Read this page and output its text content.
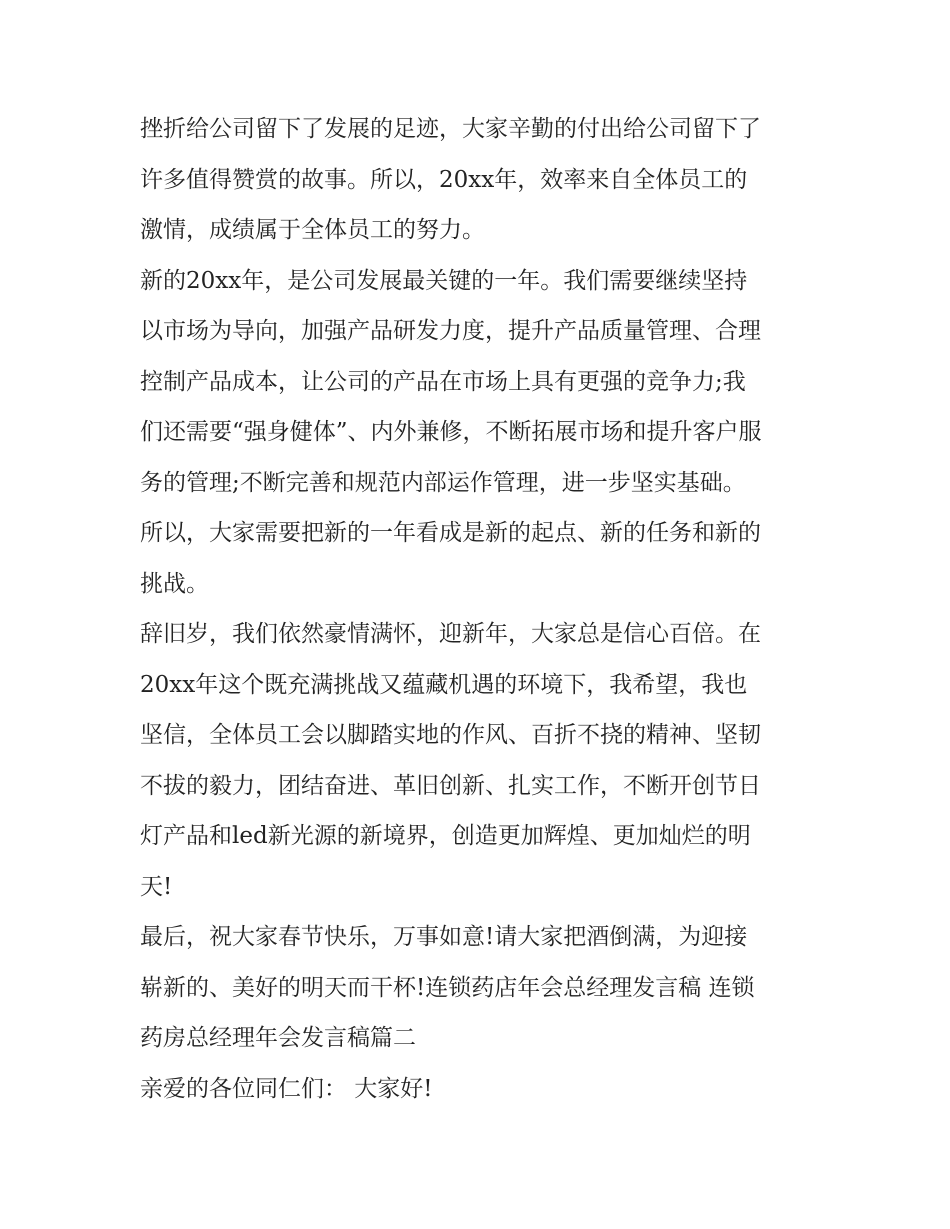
挫折给公司留下了发展的足迹，大家辛勤的付出给公司留下了
许多值得赞赏的故事。所以，20xx年，效率来自全体员工的
激情，成绩属于全体员工的努力。
新的20xx年，是公司发展最关键的一年。我们需要继续坚持
以市场为导向，加强产品研发力度，提升产品质量管理、合理
控制产品成本，让公司的产品在市场上具有更强的竞争力;我
们还需要“强身健体”、内外兼修，不断拓展市场和提升客户服
务的管理;不断完善和规范内部运作管理，进一步坚实基础。
所以，大家需要把新的一年看成是新的起点、新的任务和新的
挑战。
辞旧岁，我们依然豪情满怀，迎新年，大家总是信心百倍。在
20xx年这个既充满挑战又蕴藏机遇的环境下，我希望，我也
坚信，全体员工会以脚踏实地的作风、百折不挠的精神、坚韧
不拔的毅力，团结奋进、革旧创新、扎实工作，不断开创节日
灯产品和led新光源的新境界，创造更加辉煌、更加灿烂的明
天!
最后，祝大家春节快乐，万事如意!请大家把酒倒满，为迎接
崭新的、美好的明天而干杯!连锁药店年会总经理发言稿 连锁
药房总经理年会发言稿篇二
亲爱的各位同仁们： 大家好!
